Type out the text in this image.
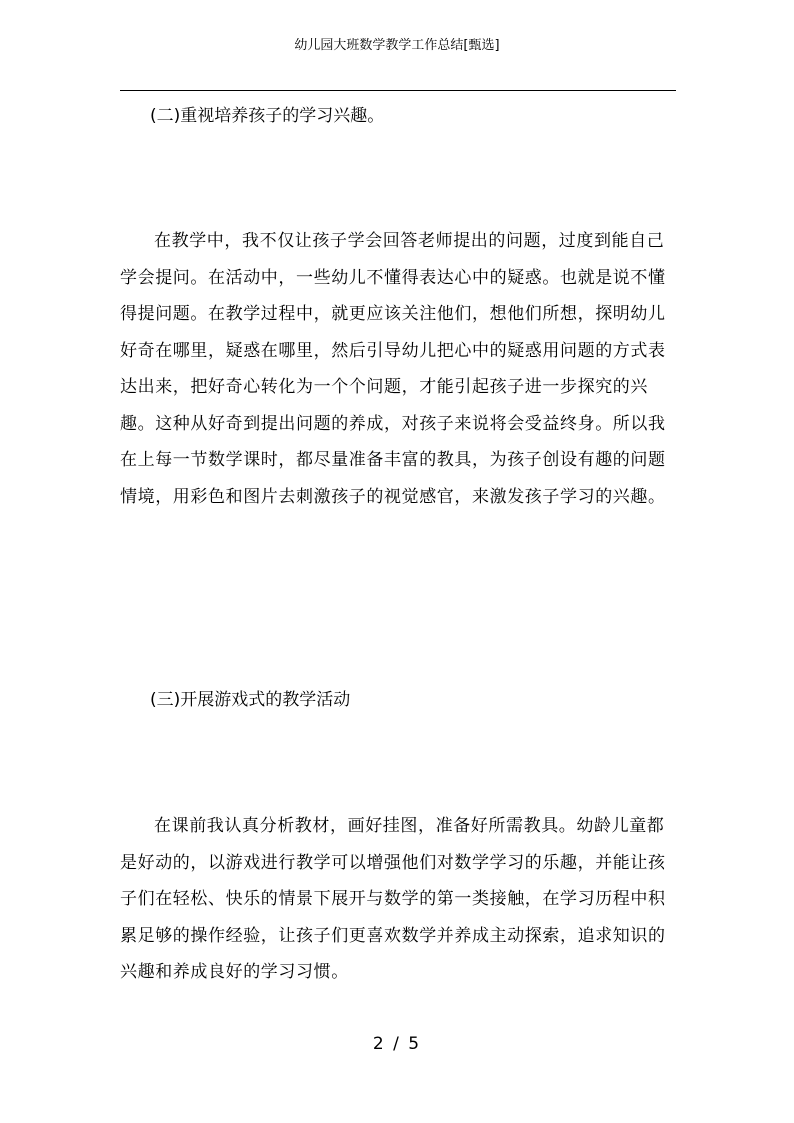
幼儿园大班数学教学工作总结[甄选]

(二)重视培养孩子的学习兴趣。

在教学中，我不仅让孩子学会回答老师提出的问题，过度到能自己学会提问。在活动中，一些幼儿不懂得表达心中的疑惑。也就是说不懂得提问题。在教学过程中，就更应该关注他们，想他们所想，探明幼儿好奇在哪里，疑惑在哪里，然后引导幼儿把心中的疑惑用问题的方式表达出来，把好奇心转化为一个个问题，才能引起孩子进一步探究的兴趣。这种从好奇到提出问题的养成，对孩子来说将会受益终身。所以我在上每一节数学课时，都尽量准备丰富的教具，为孩子创设有趣的问题情境，用彩色和图片去刺激孩子的视觉感官，来激发孩子学习的兴趣。

(三)开展游戏式的教学活动

在课前我认真分析教材，画好挂图，准备好所需教具。幼龄儿童都是好动的，以游戏进行教学可以增强他们对数学学习的乐趣，并能让孩子们在轻松、快乐的情景下展开与数学的第一类接触，在学习历程中积累足够的操作经验，让孩子们更喜欢数学并养成主动探索，追求知识的兴趣和养成良好的学习习惯。

2 / 5
